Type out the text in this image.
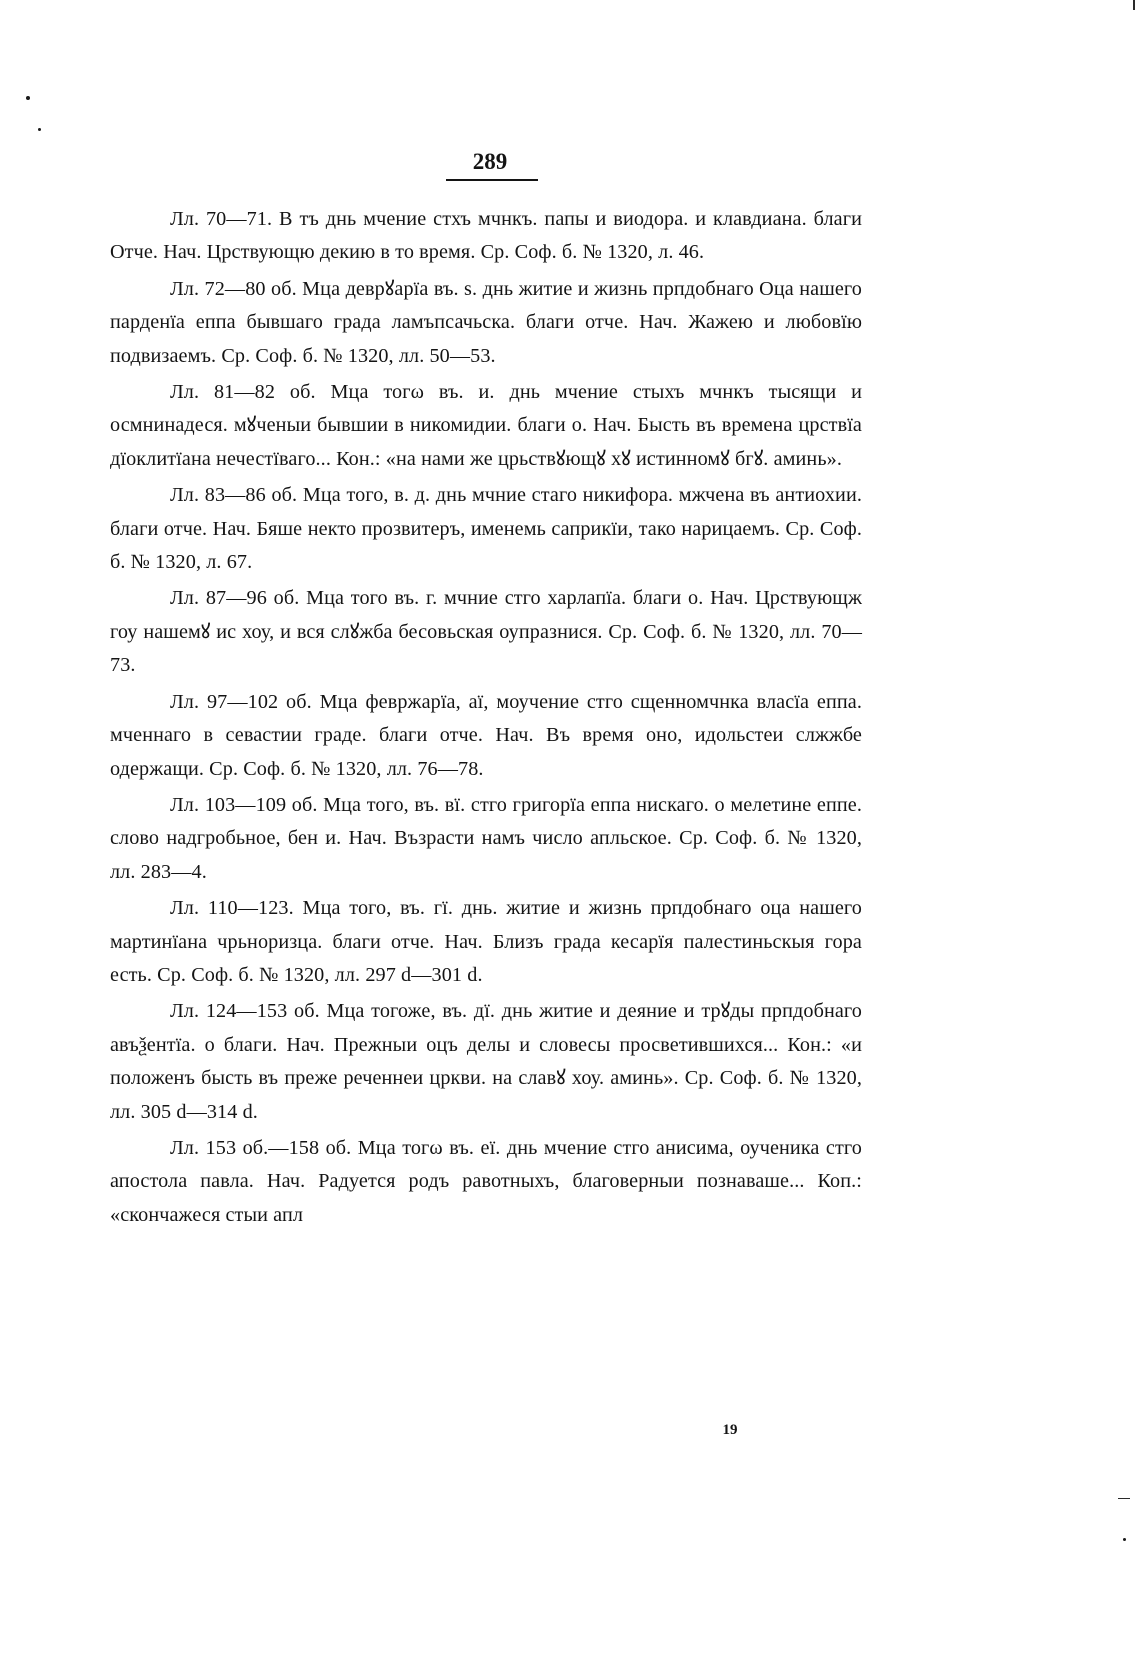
289

Лл. 70—71. В тъ днь мчение стхъ мчнкъ. папы и виодора. и клавдиана. благи Отче. Нач. Црствующю декию в то время. Ср. Соф. б. № 1320, л. 46.

Лл. 72—80 об. Мца деврꙋарїа въ. ѕ. днь житие и жизнь прпдобнаго Оца нашего парденїа еппа бывшаго града ламъпсачьска. благи отче. Нач. Жажею и любовїю подвизаемъ. Ср. Соф. б. № 1320, лл. 50—53.

Лл. 81—82 об. Мца тогω въ. и. днь мчение стыхъ мчнкъ тысящи и осмнинадеся. мꙋченыи бывшии в никомидии. благи о. Нач. Бысть въ времена црствїа дїоклитїана нечестїваго... Кон.: «на нами же црьствꙋющꙋ хꙋ истинномꙋ бгꙋ. аминь».

Лл. 83—86 об. Мца того, в. д. днь мчние стаго никифора. мжчена въ антиохии. благи отче. Нач. Бяше некто прозвитеръ, именемь саприкїи, тако нарицаемъ. Ср. Соф. б. № 1320, л. 67.

Лл. 87—96 об. Мца того въ. г. мчние стго харлапїа. благи о. Нач. Црствующж гоу нашемꙋ ис хоу, и вся слꙋжба бесовьская оупразнися. Ср. Соф. б. № 1320, лл. 70—73.

Лл. 97—102 об. Мца февржарїа, аї, моучение стго сщенномчнка власїа еппа. мченнаго в севастии граде. благи отче. Нач. Въ время оно, идольстеи слжжбе одержащи. Ср. Соф. б. № 1320, лл. 76—78.

Лл. 103—109 об. Мца того, въ. вї. стго григорїа еппа нискаго. о мелетине еппе. слово надгробьное, бен и. Нач. Възрасти намъ число апльское. Ср. Соф. б. № 1320, лл. 283—4.

Лл. 110—123. Мца того, въ. гї. днь. житие и жизнь прпдобнаго оца нашего мартинїана чрьноризца. благи отче. Нач. Близъ града кесарїя палестиньскыя гора есть. Ср. Соф. б. № 1320, лл. 297 d—301 d.

Лл. 124—153 об. Мца тогоже, въ. дї. днь житие и деяние и трꙋды прпдобнаго авъѯентїа. о благи. Нач. Прежныи оцъ делы и словесы просветившихся... Кон.: «и положенъ бысть въ преже реченнеи цркви. на славꙋ хоу. аминь». Ср. Соф. б. № 1320, лл. 305 d—314 d.

Лл. 153 об.—158 об. Мца тогω въ. еї. днь мчение стго анисима, оученика стго апостола павла. Нач. Радуется родъ равотныхъ, благоверныи познаваше... Коп.: «скончажеся стыи апл

19
